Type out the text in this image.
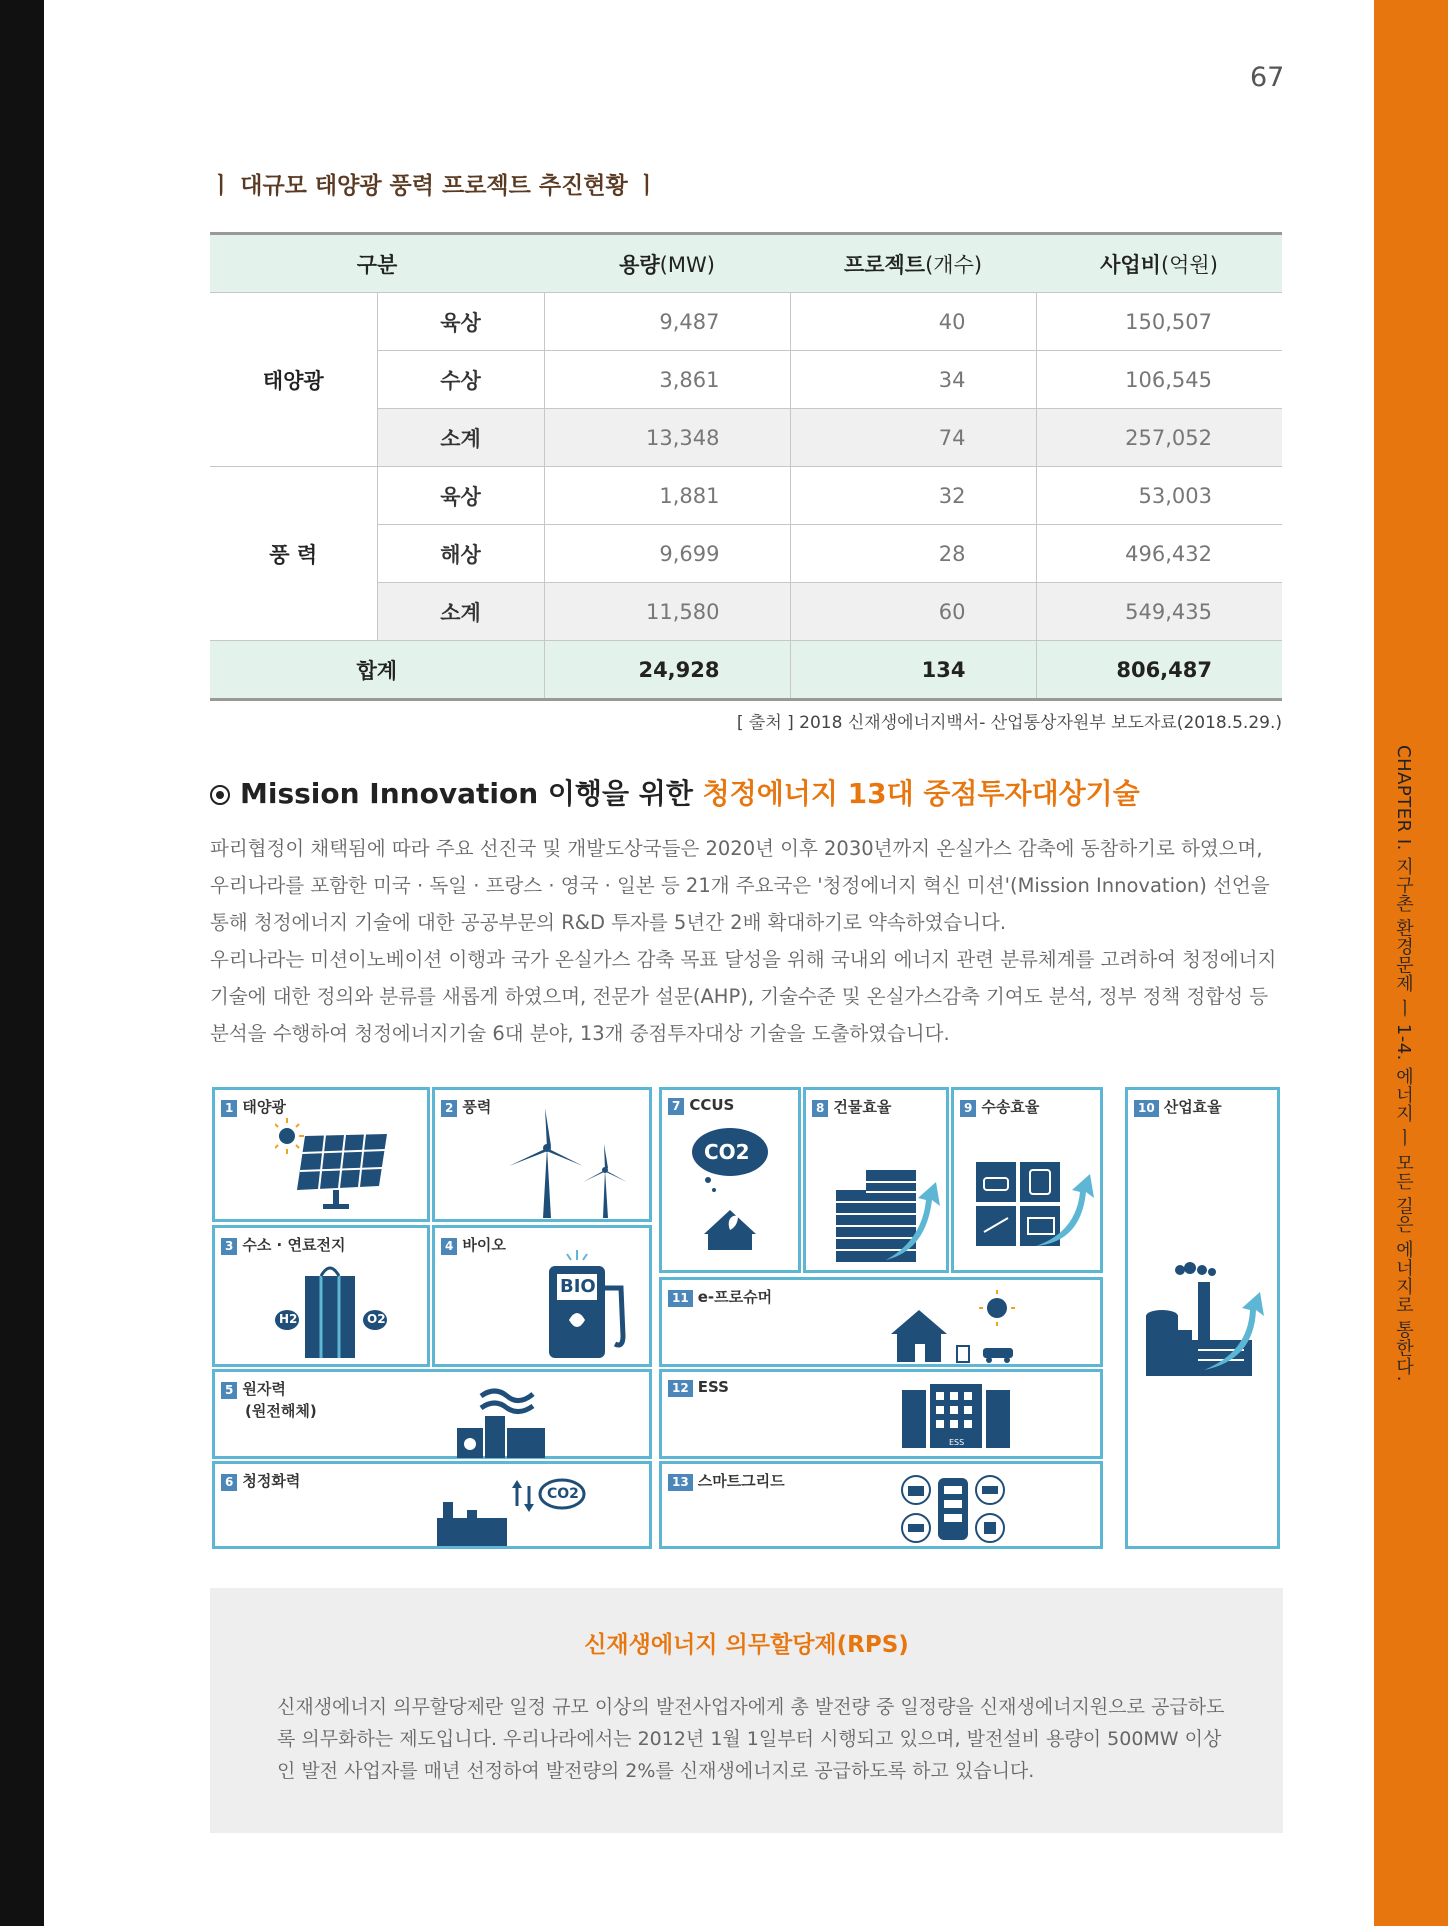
CHAPTER I. 지구촌 환경문제 ㅣ 1-4. 에너지 ㅣ 모든 길은 에너지로 통한다.
67
ㅣ 대규모 태양광 풍력 프로젝트 추진현황 ㅣ
구분		용량(MW)	프로젝트(개수)	사업비(억원)
태양광	육상	9,487	40	150,507
	수상	3,861	34	106,545
	소계	13,348	74	257,052
풍 력	육상	1,881	32	53,003
	해상	9,699	28	496,432
	소계	11,580	60	549,435
합계		24,928	134	806,487
[ 출처 ] 2018 신재생에너지백서- 산업통상자원부 보도자료(2018.5.29.)
Mission Innovation 이행을 위한 청정에너지 13대 중점투자대상기술

파리협정이 채택됨에 따라 주요 선진국 및 개발도상국들은 2020년 이후 2030년까지 온실가스 감축에 동참하기로 하였으며, 우리나라를 포함한 미국 · 독일 · 프랑스 · 영국 · 일본 등 21개 주요국은 '청정에너지 혁신 미션'(Mission Innovation) 선언을 통해 청정에너지 기술에 대한 공공부문의 R&D 투자를 5년간 2배 확대하기로 약속하였습니다.

우리나라는 미션이노베이션 이행과 국가 온실가스 감축 목표 달성을 위해 국내외 에너지 관련 분류체계를 고려하여 청정에너지 기술에 대한 정의와 분류를 새롭게 하였으며, 전문가 설문(AHP), 기술수준 및 온실가스감축 기여도 분석, 정부 정책 정합성 등 분석을 수행하여 청정에너지기술 6대 분야, 13개 중점투자대상 기술을 도출하였습니다.

1 태양광	2 풍력	7 CCUS
CO2
8 건물효율	9 수송효율	10 산업효율
3 수소 · 연료전지
H2	O2
4 바이오
BIO
11 e-프로슈머
5 원자력
(원전해체)
12 ESS
ESS
6 청정화력
CO2
13 스마트그리드
신재생에너지 의무할당제(RPS)
신재생에너지 의무할당제란 일정 규모 이상의 발전사업자에게 총 발전량 중 일정량을 신재생에너지원으로 공급하도록 의무화하는 제도입니다. 우리나라에서는 2012년 1월 1일부터 시행되고 있으며, 발전설비 용량이 500MW 이상인 발전 사업자를 매년 선정하여 발전량의 2%를 신재생에너지로 공급하도록 하고 있습니다.
